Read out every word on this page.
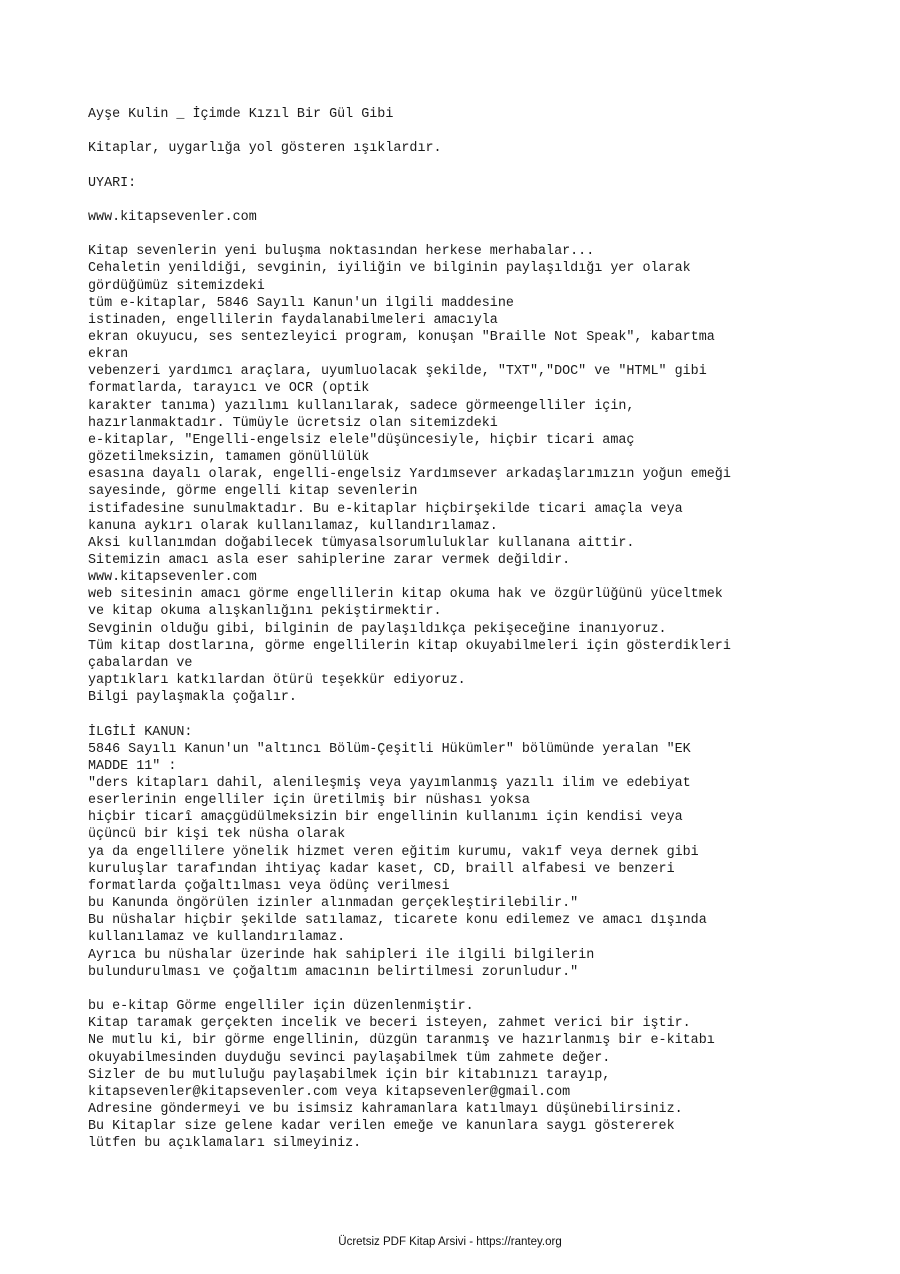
Ayşe Kulin _ İçimde Kızıl Bir Gül Gibi
Kitaplar, uygarlığa yol gösteren ışıklardır.
UYARI:
www.kitapsevenler.com
Kitap sevenlerin yeni buluşma noktasından herkese merhabalar...
Cehaletin yenildiği, sevginin, iyiliğin ve bilginin paylaşıldığı yer olarak
gördüğümüz sitemizdeki
tüm e-kitaplar, 5846 Sayılı Kanun'un ilgili maddesine
istinaden, engellilerin faydalanabilmeleri amacıyla
ekran okuyucu, ses sentezleyici program, konuşan "Braille Not Speak", kabartma
ekran
vebenzeri yardımcı araçlara, uyumluolacak şekilde, "TXT","DOC" ve "HTML" gibi
formatlarda, tarayıcı ve OCR (optik
karakter tanıma) yazılımı kullanılarak, sadece görmeengelliler için,
hazırlanmaktadır. Tümüyle ücretsiz olan sitemizdeki
e-kitaplar, "Engelli-engelsiz elele"düşüncesiyle, hiçbir ticari amaç
gözetilmeksizin, tamamen gönüllülük
esasına dayalı olarak, engelli-engelsiz Yardımsever arkadaşlarımızın yoğun emeği
sayesinde, görme engelli kitap sevenlerin
istifadesine sunulmaktadır. Bu e-kitaplar hiçbirşekilde ticari amaçla veya
kanuna aykırı olarak kullanılamaz, kullandırılamaz.
Aksi kullanımdan doğabilecek tümyasalsorumluluklar kullanana aittir.
Sitemizin amacı asla eser sahiplerine zarar vermek değildir.
www.kitapsevenler.com
web sitesinin amacı görme engellilerin kitap okuma hak ve özgürlüğünü yüceltmek
ve kitap okuma alışkanlığını pekiştirmektir.
Sevginin olduğu gibi, bilginin de paylaşıldıkça pekişeceğine inanıyoruz.
Tüm kitap dostlarına, görme engellilerin kitap okuyabilmeleri için gösterdikleri
çabalardan ve
yaptıkları katkılardan ötürü teşekkür ediyoruz.
Bilgi paylaşmakla çoğalır.
İLGİLİ KANUN:
5846 Sayılı Kanun'un "altıncı Bölüm-Çeşitli Hükümler" bölümünde yeralan "EK
MADDE 11" :
"ders kitapları dahil, alenileşmiş veya yayımlanmış yazılı ilim ve edebiyat
eserlerinin engelliler için üretilmiş bir nüshası yoksa
hiçbir ticarî amaçgüdülmeksizin bir engellinin kullanımı için kendisi veya
üçüncü bir kişi tek nüsha olarak
ya da engellilere yönelik hizmet veren eğitim kurumu, vakıf veya dernek gibi
kuruluşlar tarafından ihtiyaç kadar kaset, CD, braill alfabesi ve benzeri
formatlarda çoğaltılması veya ödünç verilmesi
bu Kanunda öngörülen izinler alınmadan gerçekleştirilebilir."
Bu nüshalar hiçbir şekilde satılamaz, ticarete konu edilemez ve amacı dışında
kullanılamaz ve kullandırılamaz.
Ayrıca bu nüshalar üzerinde hak sahipleri ile ilgili bilgilerin
bulundurulması ve çoğaltım amacının belirtilmesi zorunludur."
bu e-kitap Görme engelliler için düzenlenmiştir.
Kitap taramak gerçekten incelik ve beceri isteyen, zahmet verici bir iştir.
Ne mutlu ki, bir görme engellinin, düzgün taranmış ve hazırlanmış bir e-kitabı
okuyabilmesinden duyduğu sevinci paylaşabilmek tüm zahmete değer.
Sizler de bu mutluluğu paylaşabilmek için bir kitabınızı tarayıp,
kitapsevenler@kitapsevenler.com veya kitapsevenler@gmail.com
Adresine göndermeyi ve bu isimsiz kahramanlara katılmayı düşünebilirsiniz.
Bu Kitaplar size gelene kadar verilen emeğe ve kanunlara saygı göstererek
lütfen bu açıklamaları silmeyiniz.
Ücretsiz PDF Kitap Arsivi - https://rantey.org
